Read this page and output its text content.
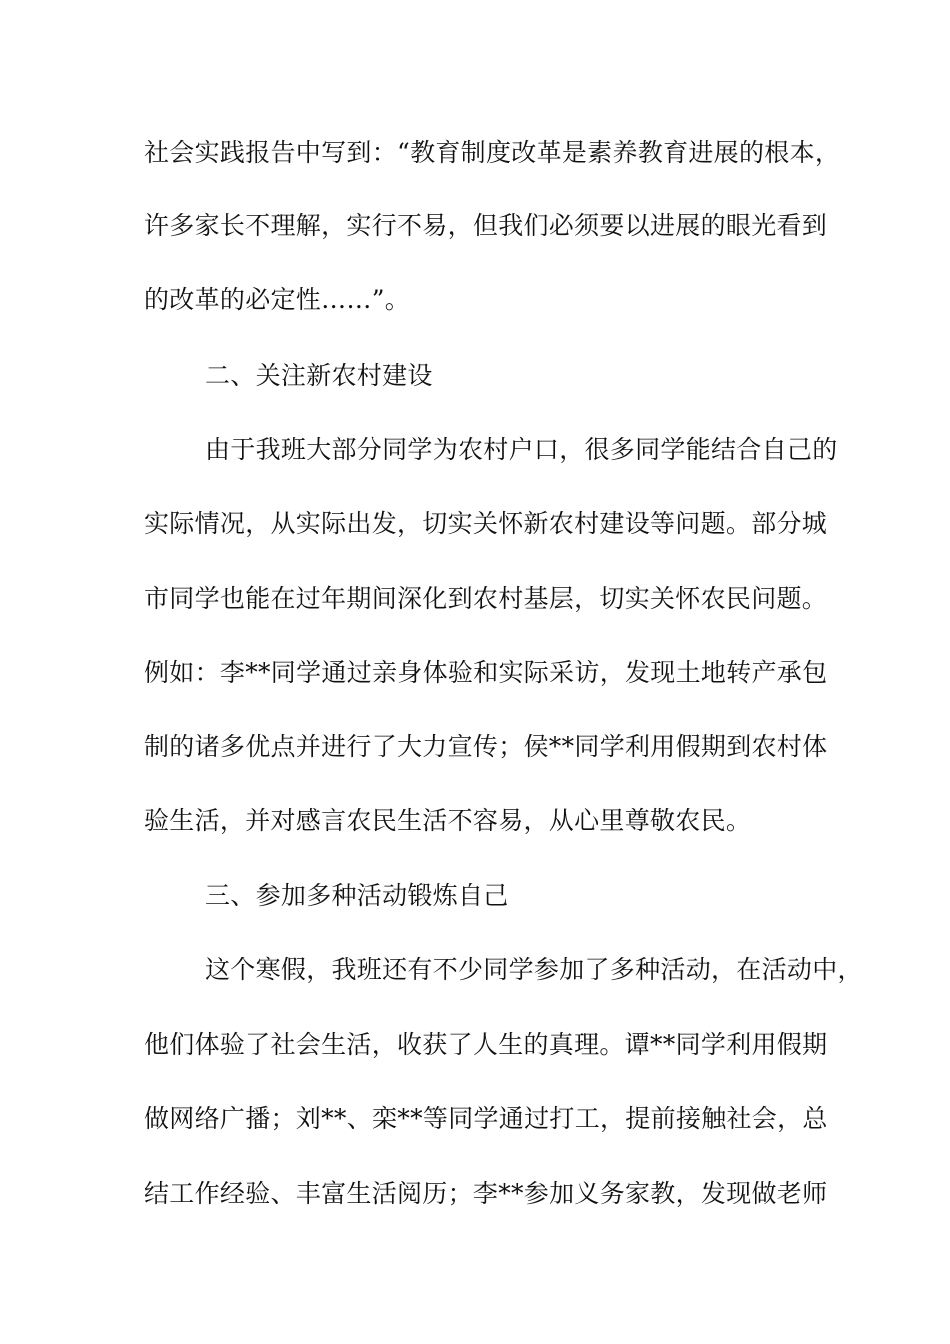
社会实践报告中写到：“教育制度改革是素养教育进展的根本，
许多家长不理解，实行不易，但我们必须要以进展的眼光看到
的改革的必定性……”。
二、关注新农村建设
由于我班大部分同学为农村户口，很多同学能结合自己的
实际情况，从实际出发，切实关怀新农村建设等问题。部分城
市同学也能在过年期间深化到农村基层，切实关怀农民问题。
例如：李**同学通过亲身体验和实际采访，发现土地转产承包
制的诸多优点并进行了大力宣传；侯**同学利用假期到农村体
验生活，并对感言农民生活不容易，从心里尊敬农民。
三、参加多种活动锻炼自己
这个寒假，我班还有不少同学参加了多种活动，在活动中，
他们体验了社会生活，收获了人生的真理。谭**同学利用假期
做网络广播；刘**、栾**等同学通过打工，提前接触社会，总
结工作经验、丰富生活阅历；李**参加义务家教，发现做老师
